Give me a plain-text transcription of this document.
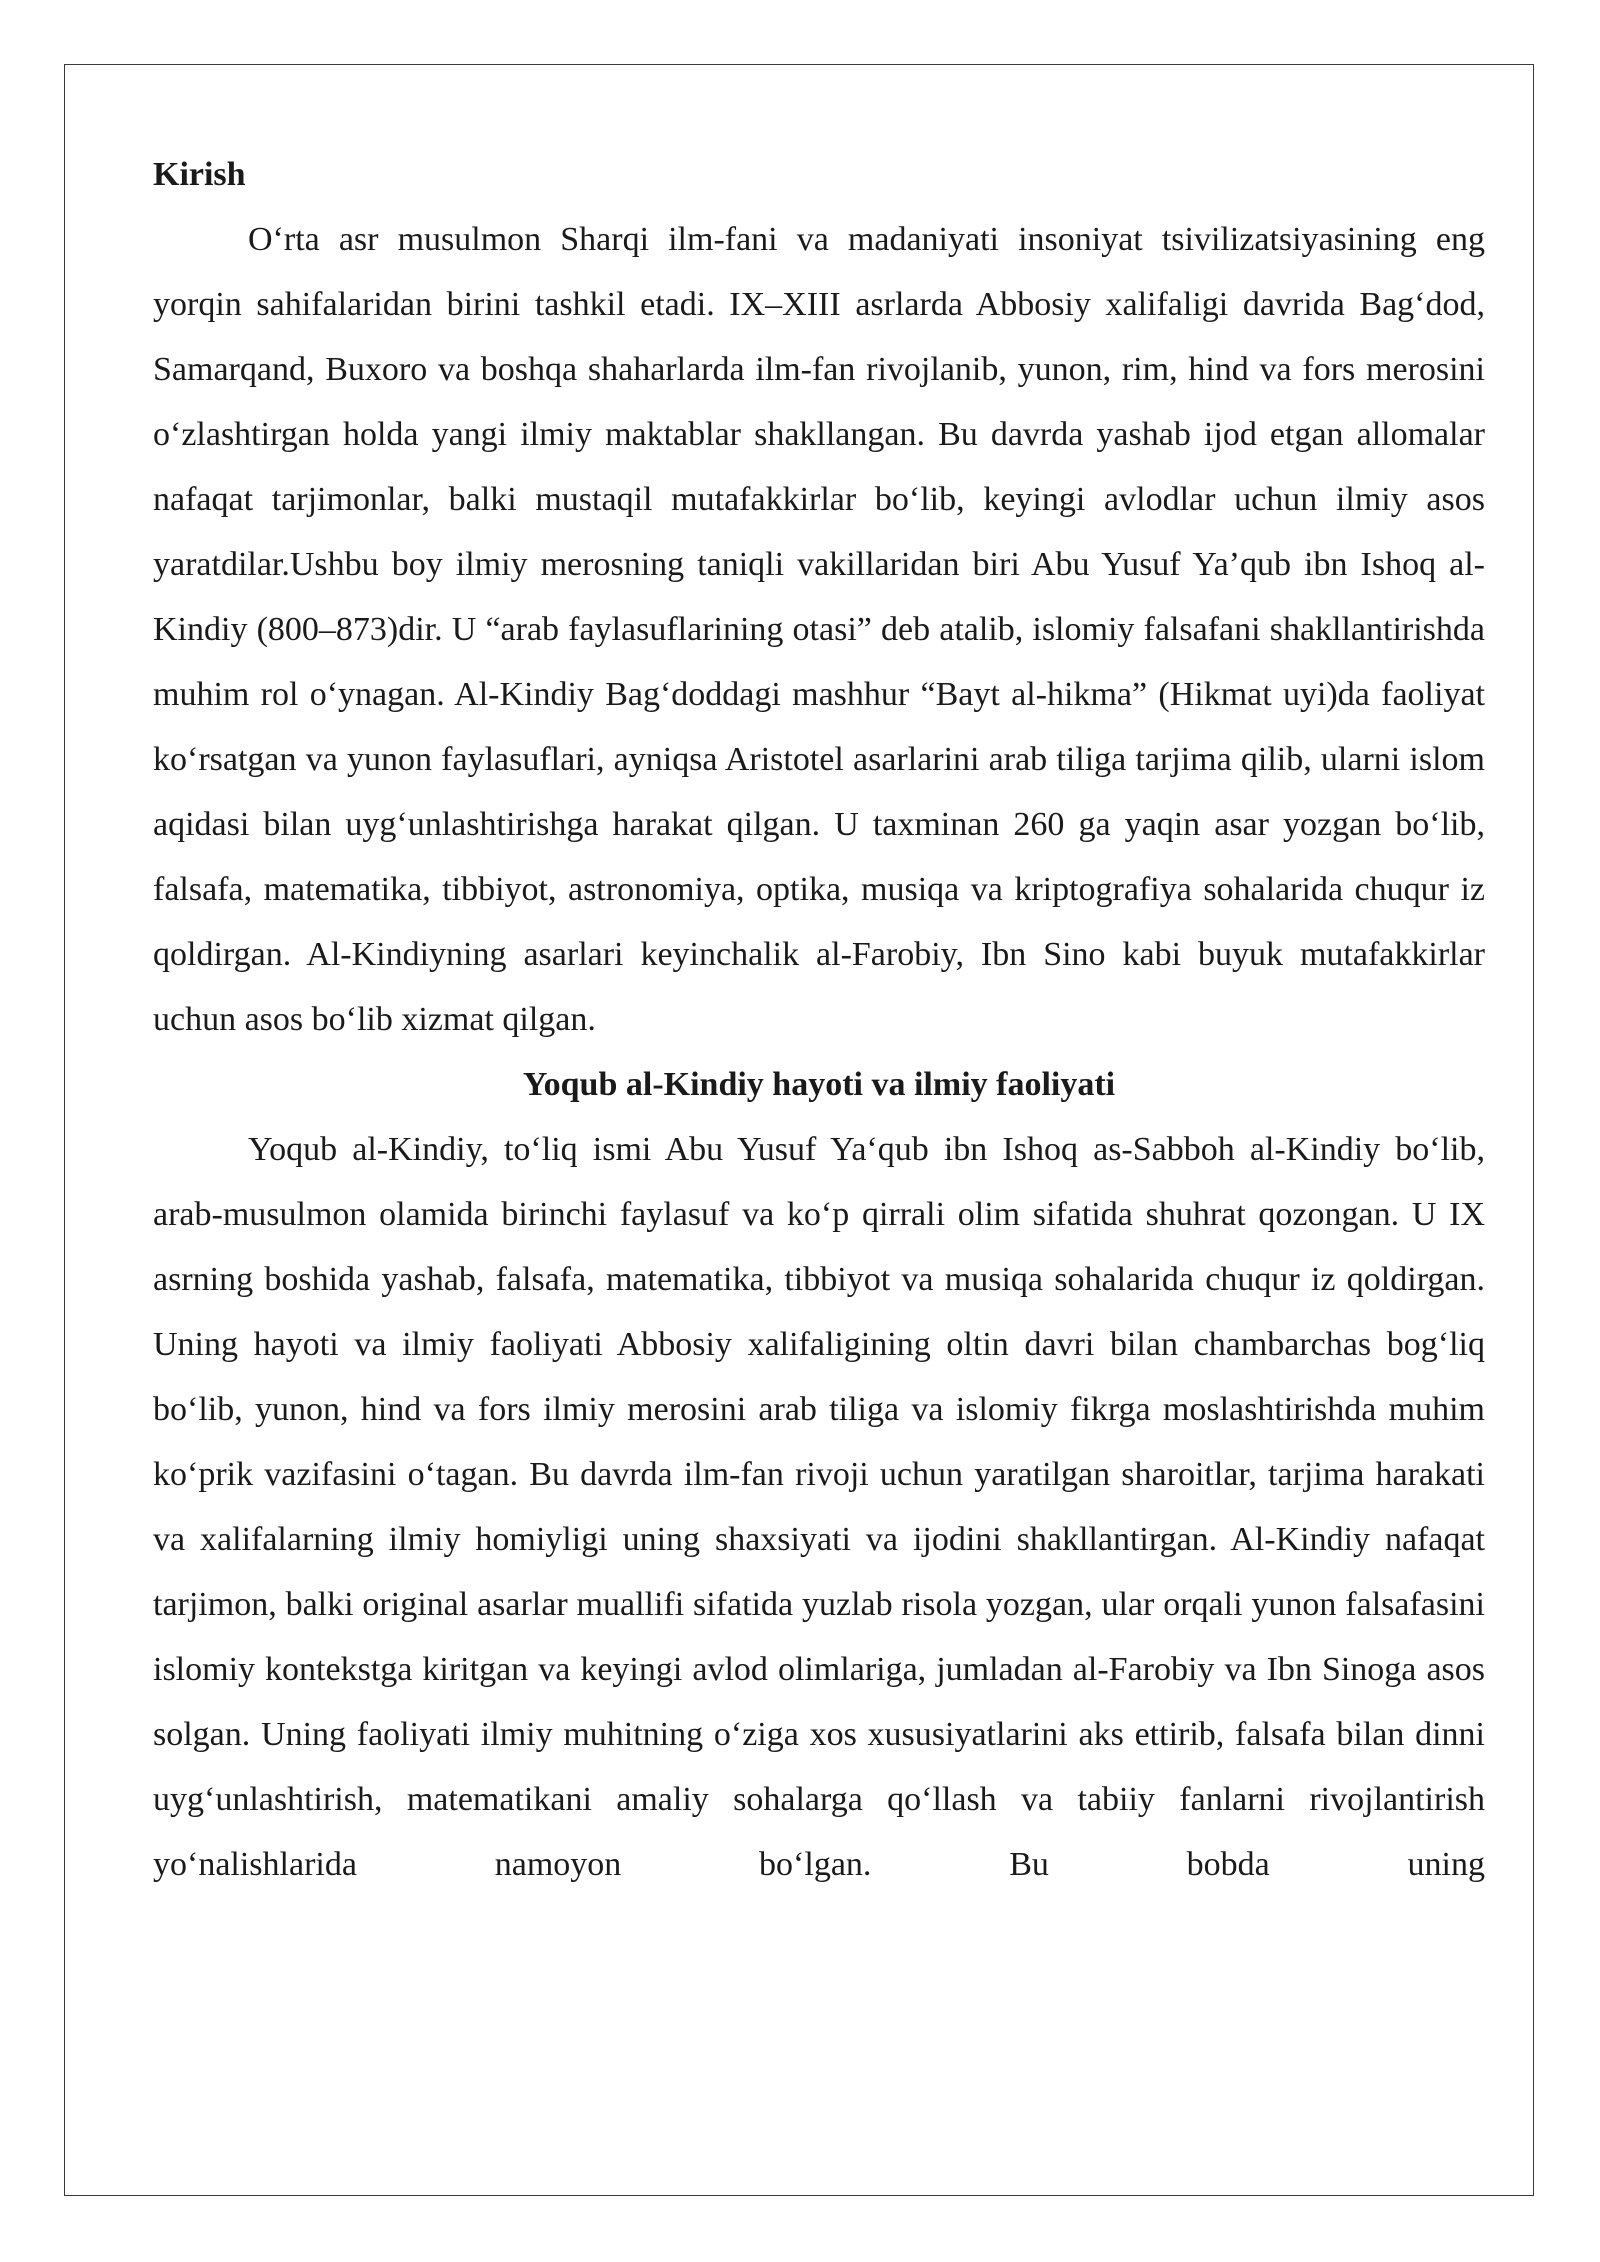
Kirish

O‘rta asr musulmon Sharqi ilm-fani va madaniyati insoniyat tsivilizatsiyasining eng yorqin sahifalaridan birini tashkil etadi. IX–XIII asrlarda Abbosiy xalifaligi davrida Bag‘dod, Samarqand, Buxoro va boshqa shaharlarda ilm-fan rivojlanib, yunon, rim, hind va fors merosini o‘zlashtirgan holda yangi ilmiy maktablar shakllangan. Bu davrda yashab ijod etgan allomalar nafaqat tarjimonlar, balki mustaqil mutafakkirlar bo‘lib, keyingi avlodlar uchun ilmiy asos yaratdilar.Ushbu boy ilmiy merosning taniqli vakillaridan biri Abu Yusuf Ya’qub ibn Ishoq al-Kindiy (800–873)dir. U “arab faylasuflarining otasi” deb atalib, islomiy falsafani shakllantirishda muhim rol o‘ynagan. Al-Kindiy Bag‘doddagi mashhur “Bayt al-hikma” (Hikmat uyi)da faoliyat ko‘rsatgan va yunon faylasuflari, ayniqsa Aristotel asarlarini arab tiliga tarjima qilib, ularni islom aqidasi bilan uyg‘unlashtirishga harakat qilgan. U taxminan 260 ga yaqin asar yozgan bo‘lib, falsafa, matematika, tibbiyot, astronomiya, optika, musiqa va kriptografiya sohalarida chuqur iz qoldirgan. Al-Kindiyning asarlari keyinchalik al-Farobiy, Ibn Sino kabi buyuk mutafakkirlar uchun asos bo‘lib xizmat qilgan.

Yoqub al-Kindiy hayoti va ilmiy faoliyati

Yoqub al-Kindiy, to‘liq ismi Abu Yusuf Ya‘qub ibn Ishoq as-Sabboh al-Kindiy bo‘lib, arab-musulmon olamida birinchi faylasuf va ko‘p qirrali olim sifatida shuhrat qozongan. U IX asrning boshida yashab, falsafa, matematika, tibbiyot va musiqa sohalarida chuqur iz qoldirgan. Uning hayoti va ilmiy faoliyati Abbosiy xalifaligining oltin davri bilan chambarchas bog‘liq bo‘lib, yunon, hind va fors ilmiy merosini arab tiliga va islomiy fikrga moslashtirishda muhim ko‘prik vazifasini o‘tagan. Bu davrda ilm-fan rivoji uchun yaratilgan sharoitlar, tarjima harakati va xalifalarning ilmiy homiyligi uning shaxsiyati va ijodini shakllantirgan. Al-Kindiy nafaqat tarjimon, balki original asarlar muallifi sifatida yuzlab risola yozgan, ular orqali yunon falsafasini islomiy kontekstga kiritgan va keyingi avlod olimlariga, jumladan al-Farobiy va Ibn Sinoga asos solgan. Uning faoliyati ilmiy muhitning o‘ziga xos xususiyatlarini aks ettirib, falsafa bilan dinni uyg‘unlashtirish, matematikani amaliy sohalarga qo‘llash va tabiiy fanlarni rivojlantirish yo‘nalishlarida namoyon bo‘lgan. Bu bobda uning
